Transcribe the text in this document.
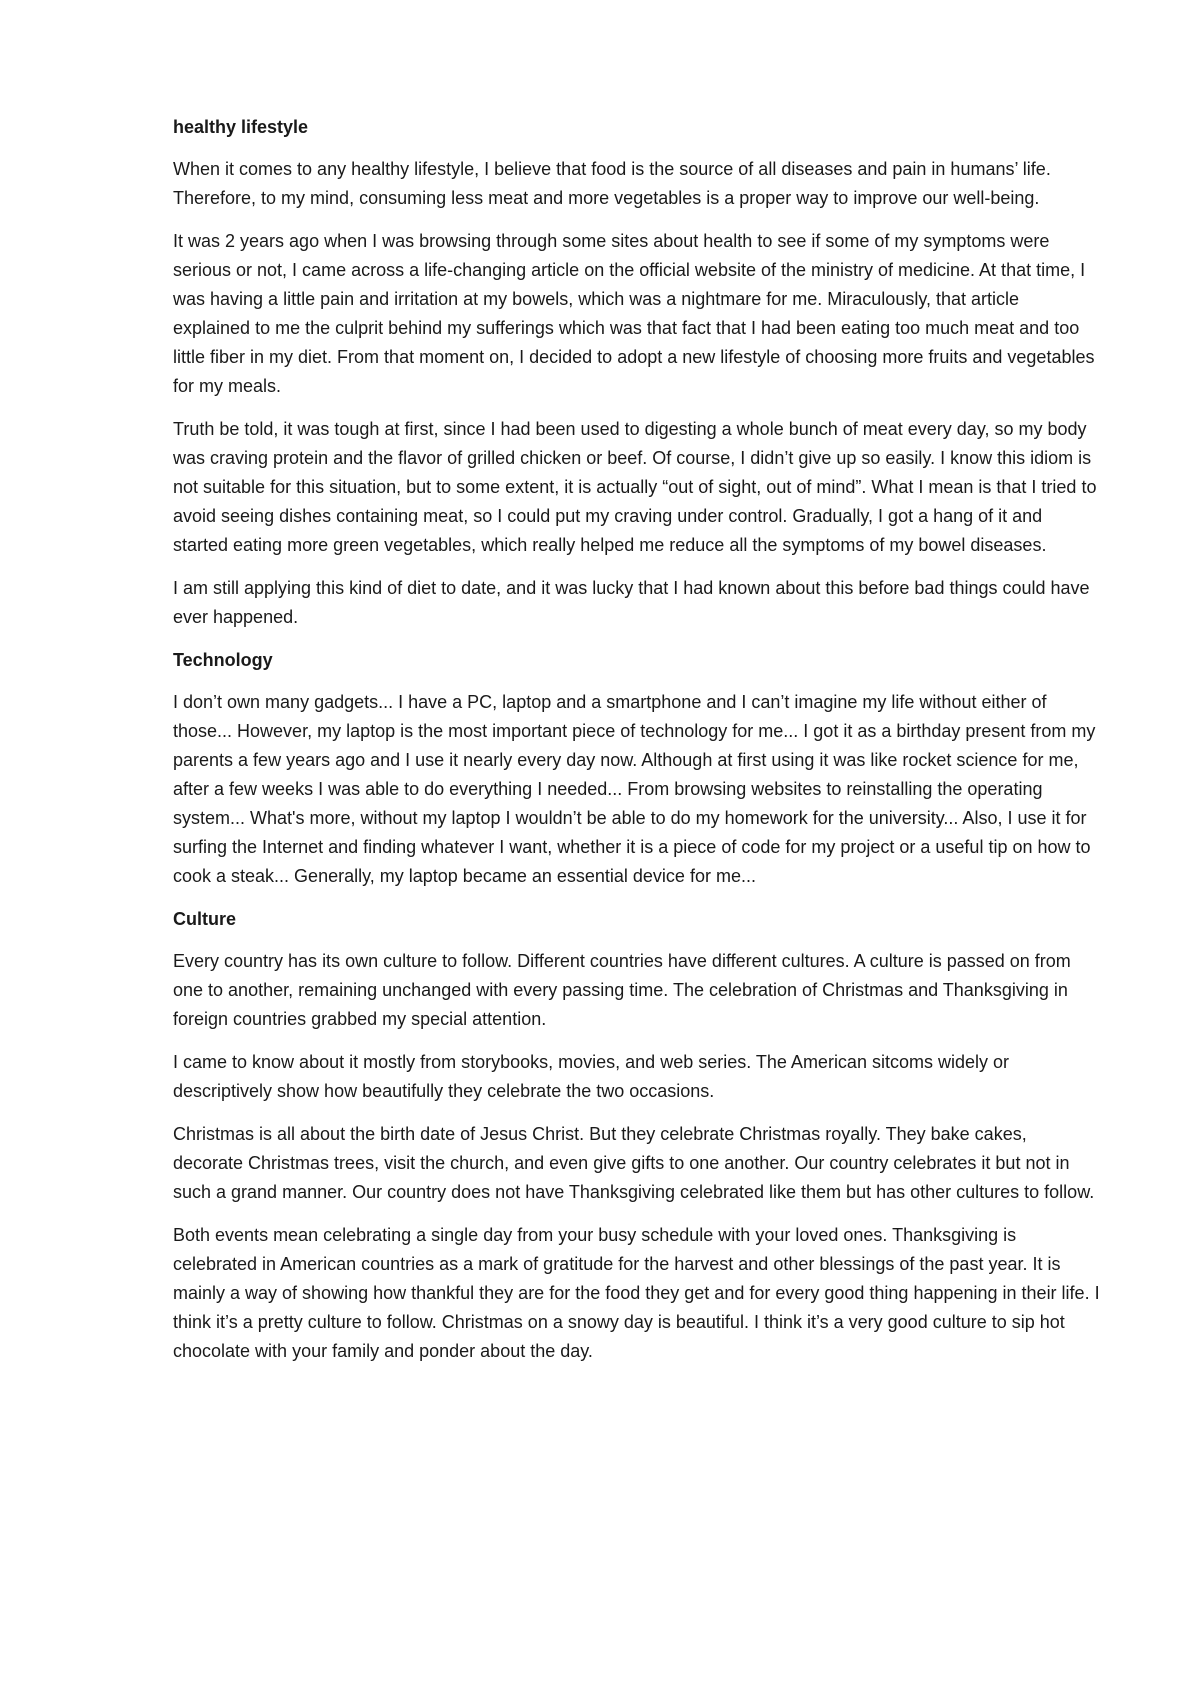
healthy lifestyle

When it comes to any healthy lifestyle, I believe that food is the source of all diseases and pain in humans’ life. Therefore, to my mind, consuming less meat and more vegetables is a proper way to improve our well-being.

It was 2 years ago when I was browsing through some sites about health to see if some of my symptoms were serious or not, I came across a life-changing article on the official website of the ministry of medicine. At that time, I was having a little pain and irritation at my bowels, which was a nightmare for me. Miraculously, that article explained to me the culprit behind my sufferings which was that fact that I had been eating too much meat and too little fiber in my diet. From that moment on, I decided to adopt a new lifestyle of choosing more fruits and vegetables for my meals.

Truth be told, it was tough at first, since I had been used to digesting a whole bunch of meat every day, so my body was craving protein and the flavor of grilled chicken or beef. Of course, I didn’t give up so easily. I know this idiom is not suitable for this situation, but to some extent, it is actually “out of sight, out of mind”. What I mean is that I tried to avoid seeing dishes containing meat, so I could put my craving under control. Gradually, I got a hang of it and started eating more green vegetables, which really helped me reduce all the symptoms of my bowel diseases.

I am still applying this kind of diet to date, and it was lucky that I had known about this before bad things could have ever happened.

Technology

I don’t own many gadgets... I have a PC, laptop and a smartphone and I can’t imagine my life without either of those... However, my laptop is the most important piece of technology for me... I got it as a birthday present from my parents a few years ago and I use it nearly every day now. Although at first using it was like rocket science for me, after a few weeks I was able to do everything I needed... From browsing websites to reinstalling the operating system... What's more, without my laptop I wouldn’t be able to do my homework for the university... Also, I use it for surfing the Internet and finding whatever I want, whether it is a piece of code for my project or a useful tip on how to cook a steak... Generally, my laptop became an essential device for me...

Culture

Every country has its own culture to follow. Different countries have different cultures. A culture is passed on from one to another, remaining unchanged with every passing time. The celebration of Christmas and Thanksgiving in foreign countries grabbed my special attention.

I came to know about it mostly from storybooks, movies, and web series. The American sitcoms widely or descriptively show how beautifully they celebrate the two occasions.

Christmas is all about the birth date of Jesus Christ. But they celebrate Christmas royally. They bake cakes, decorate Christmas trees, visit the church, and even give gifts to one another. Our country celebrates it but not in such a grand manner. Our country does not have Thanksgiving celebrated like them but has other cultures to follow.

Both events mean celebrating a single day from your busy schedule with your loved ones. Thanksgiving is celebrated in American countries as a mark of gratitude for the harvest and other blessings of the past year. It is mainly a way of showing how thankful they are for the food they get and for every good thing happening in their life. I think it’s a pretty culture to follow. Christmas on a snowy day is beautiful. I think it’s a very good culture to sip hot chocolate with your family and ponder about the day.
